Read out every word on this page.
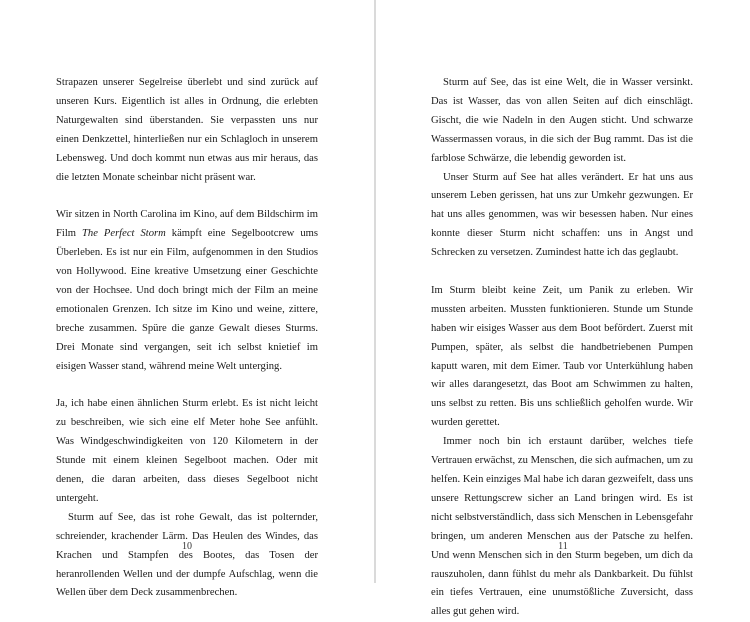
Strapazen unserer Segelreise überlebt und sind zurück auf unseren Kurs. Eigentlich ist alles in Ordnung, die erlebten Naturgewalten sind überstanden. Sie verpassten uns nur einen Denkzettel, hinterließen nur ein Schlagloch in unserem Lebensweg. Und doch kommt nun etwas aus mir heraus, das die letzten Monate scheinbar nicht präsent war.

Wir sitzen in North Carolina im Kino, auf dem Bildschirm im Film The Perfect Storm kämpft eine Segelbootcrew ums Überleben. Es ist nur ein Film, aufgenommen in den Studios von Hollywood. Eine kreative Umsetzung einer Geschichte von der Hochsee. Und doch bringt mich der Film an meine emotionalen Grenzen. Ich sitze im Kino und weine, zittere, breche zusammen. Spüre die ganze Gewalt dieses Sturms. Drei Monate sind vergangen, seit ich selbst knietief im eisigen Wasser stand, während meine Welt unterging.

Ja, ich habe einen ähnlichen Sturm erlebt. Es ist nicht leicht zu beschreiben, wie sich eine elf Meter hohe See anfühlt. Was Windgeschwindigkeiten von 120 Kilometern in der Stunde mit einem kleinen Segelboot machen. Oder mit denen, die daran arbeiten, dass dieses Segelboot nicht untergeht.

Sturm auf See, das ist rohe Gewalt, das ist polternder, schreiender, krachender Lärm. Das Heulen des Windes, das Krachen und Stampfen des Bootes, das Tosen der heranrollenden Wellen und der dumpfe Aufschlag, wenn die Wellen über dem Deck zusammenbrechen.

10

Sturm auf See, das ist eine Welt, die in Wasser versinkt. Das ist Wasser, das von allen Seiten auf dich einschlägt. Gischt, die wie Nadeln in den Augen sticht. Und schwarze Wassermassen voraus, in die sich der Bug rammt. Das ist die farblose Schwärze, die lebendig geworden ist.

Unser Sturm auf See hat alles verändert. Er hat uns aus unserem Leben gerissen, hat uns zur Umkehr gezwungen. Er hat uns alles genommen, was wir besessen haben. Nur eines konnte dieser Sturm nicht schaffen: uns in Angst und Schrecken zu versetzen. Zumindest hatte ich das geglaubt.

Im Sturm bleibt keine Zeit, um Panik zu erleben. Wir mussten arbeiten. Mussten funktionieren. Stunde um Stunde haben wir eisiges Wasser aus dem Boot befördert. Zuerst mit Pumpen, später, als selbst die handbetriebenen Pumpen kaputt waren, mit dem Eimer. Taub vor Unterkühlung haben wir alles darangesetzt, das Boot am Schwimmen zu halten, uns selbst zu retten. Bis uns schließlich geholfen wurde. Wir wurden gerettet.

Immer noch bin ich erstaunt darüber, welches tiefe Vertrauen erwächst, zu Menschen, die sich aufmachen, um zu helfen. Kein einziges Mal habe ich daran gezweifelt, dass uns unsere Rettungscrew sicher an Land bringen wird. Es ist nicht selbstverständlich, dass sich Menschen in Lebensgefahr bringen, um anderen Menschen aus der Patsche zu helfen. Und wenn Menschen sich in den Sturm begeben, um dich da rauszuholen, dann fühlst du mehr als Dankbarkeit. Du fühlst ein tiefes Vertrauen, eine unumstößliche Zuversicht, dass alles gut gehen wird.

11
